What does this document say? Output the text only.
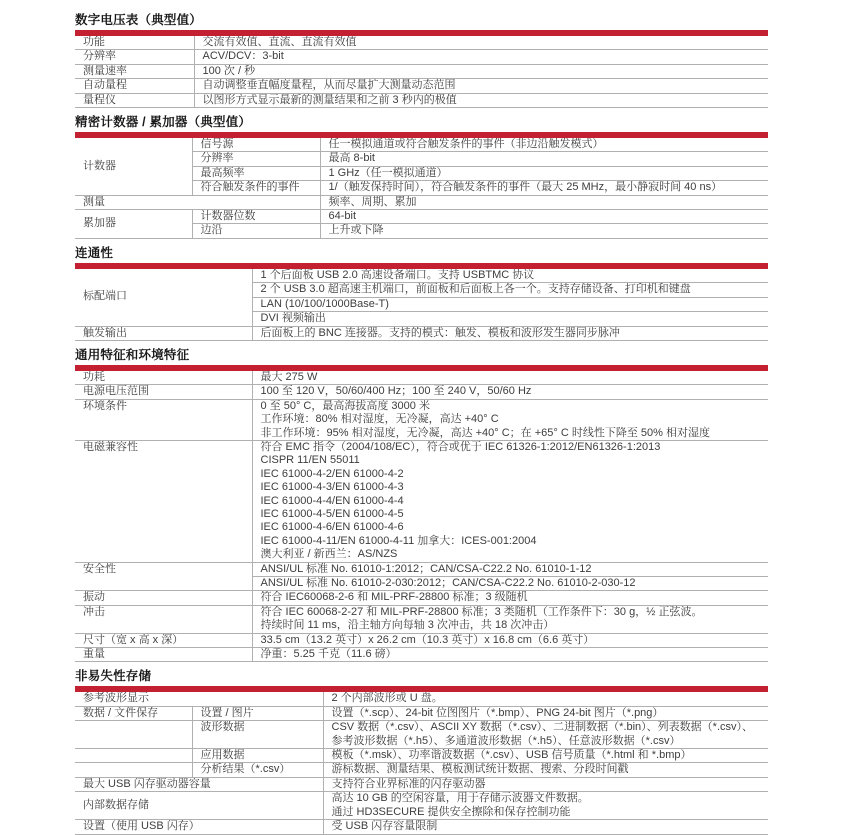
数字电压表（典型值）
功能	交流有效值、直流、直流有效值
分辨率	ACV/DCV：3-bit
测量速率	100 次 / 秒
自动量程	自动调整垂直幅度量程，从而尽量扩大测量动态范围
量程仪	以图形方式显示最新的测量结果和之前 3 秒内的极值
精密计数器 / 累加器（典型值）
计数器	信号源	任一模拟通道或符合触发条件的事件（非边沿触发模式）
	分辨率	最高 8-bit
	最高频率	1 GHz（任一模拟通道）
	符合触发条件的事件	1/（触发保持时间），符合触发条件的事件（最大 25 MHz，最小静寂时间 40 ns）
测量		频率、周期、累加
累加器	计数器位数	64-bit
	边沿	上升或下降
连通性
标配端口	1 个后面板 USB 2.0 高速设备端口。支持 USBTMC 协议
	2 个 USB 3.0 超高速主机端口，前面板和后面板上各一个。支持存储设备、打印机和键盘
	LAN (10/100/1000Base-T)
	DVI 视频输出
触发输出	后面板上的 BNC 连接器。支持的模式：触发、模板和波形发生器同步脉冲
通用特征和环境特征
功耗	最大 275 W
电源电压范围	100 至 120 V，50/60/400 Hz；100 至 240 V，50/60 Hz
环境条件	0 至 50° C，最高海拔高度 3000 米
工作环境：80% 相对湿度，无冷凝，高达 +40° C
非工作环境：95% 相对湿度，无冷凝，高达 +40° C；在 +65° C 时线性下降至 50% 相对湿度

电磁兼容性	符合 EMC 指令（2004/108/EC），符合或优于 IEC 61326-1:2012/EN61326-1:2013
CISPR 11/EN 55011
IEC 61000-4-2/EN 61000-4-2
IEC 61000-4-3/EN 61000-4-3
IEC 61000-4-4/EN 61000-4-4
IEC 61000-4-5/EN 61000-4-5
IEC 61000-4-6/EN 61000-4-6
IEC 61000-4-11/EN 61000-4-11 加拿大：ICES-001:2004
澳大利亚 / 新西兰：AS/NZS

安全性	ANSI/UL 标准 No. 61010-1:2012；CAN/CSA-C22.2 No. 61010-1-12
	ANSI/UL 标准 No. 61010-2-030:2012；CAN/CSA-C22.2 No. 61010-2-030-12
振动	符合 IEC60068-2-6 和 MIL-PRF-28800 标准；3 级随机
冲击	符合 IEC 60068-2-27 和 MIL-PRF-28800 标准；3 类随机（工作条件下：30 g，½ 正弦波。
持续时间 11 ms，沿主轴方向每轴 3 次冲击，共 18 次冲击）

尺寸（宽 x 高 x 深）	33.5 cm（13.2 英寸）x 26.2 cm（10.3 英寸）x 16.8 cm（6.6 英寸）
重量	净重：5.25 千克（11.6 磅）
非易失性存储
参考波形显示		2 个内部波形或 U 盘。
数据 / 文件保存	设置 / 图片	设置（*.scp）、24-bit 位图图片（*.bmp）、PNG 24-bit 图片（*.png）
	波形数据	CSV 数据（*.csv）、ASCII XY 数据（*.csv）、二进制数据（*.bin）、列表数据（*.csv）、
参考波形数据（*.h5）、多通道波形数据（*.h5）、任意波形数据（*.csv）

	应用数据	模板（*.msk）、功率谐波数据（*.csv）、USB 信号质量（*.html 和 *.bmp）
	分析结果（*.csv）	游标数据、测量结果、模板测试统计数据、搜索、分段时间戳
最大 USB 闪存驱动器容量		支持符合业界标准的闪存驱动器
内部数据存储		高达 10 GB 的空闲容量，用于存储示波器文件数据。
通过 HD3SECURE 提供安全擦除和保存控制功能

设置（使用 USB 闪存）		受 USB 闪存容量限制
